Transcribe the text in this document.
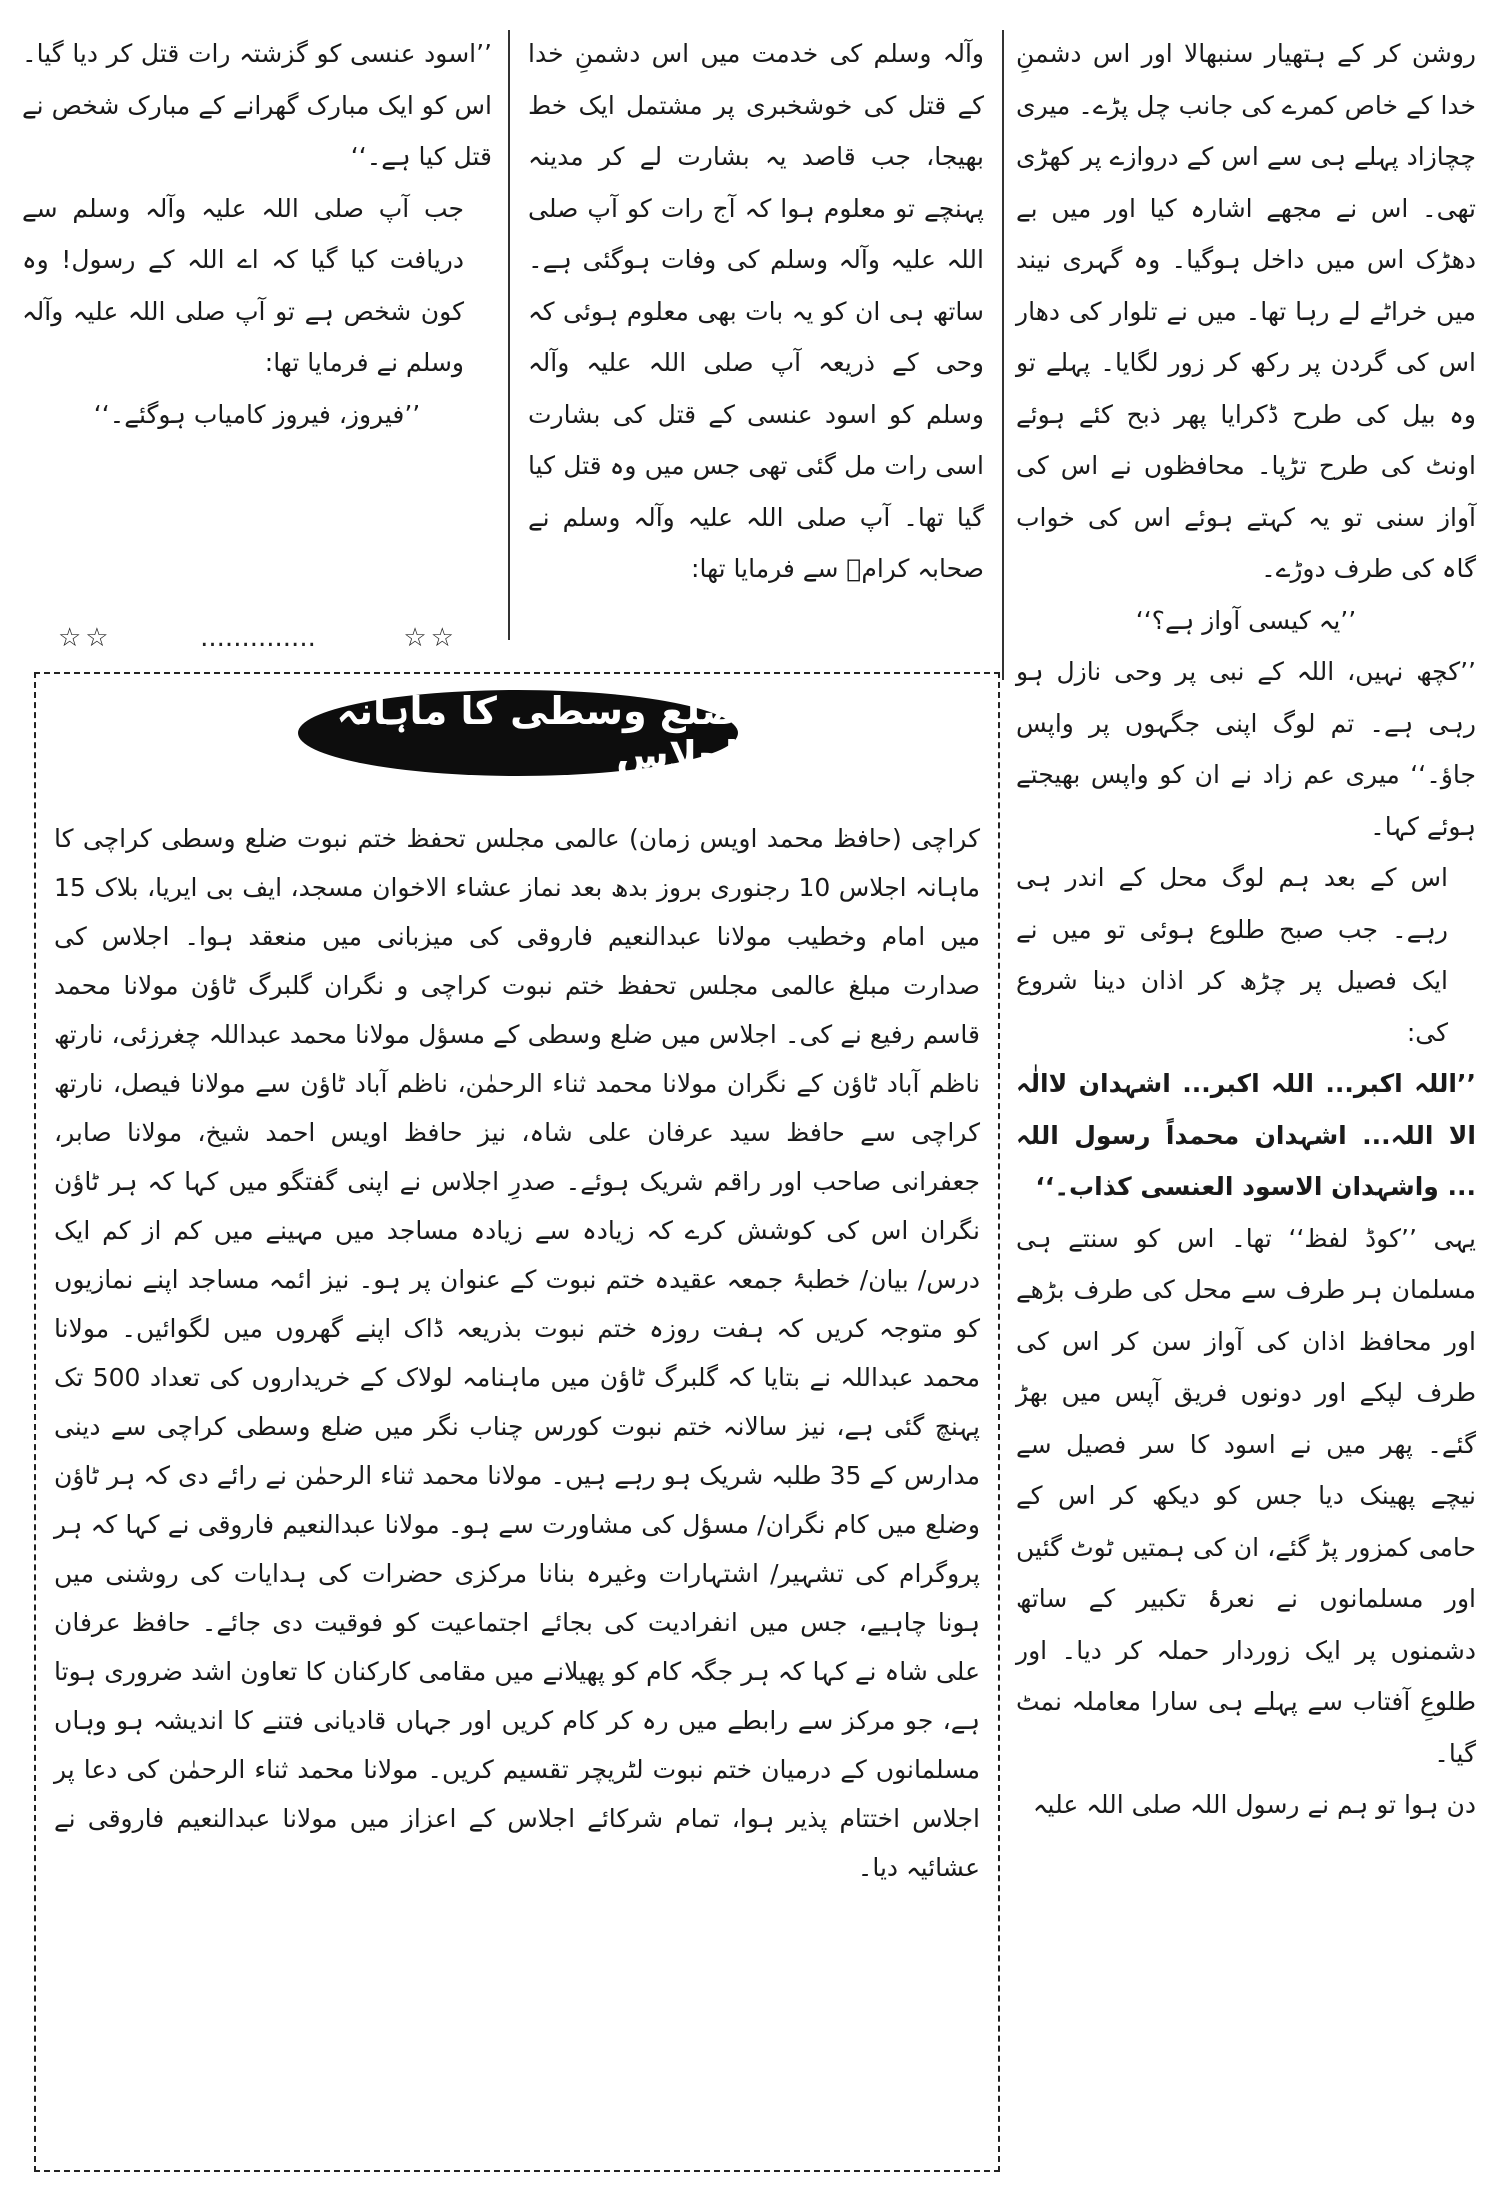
روشن کر کے ہتھیار سنبھالا اور اس دشمنِ خدا کے خاص کمرے کی جانب چل پڑے۔ میری چچازاد پہلے ہی سے اس کے دروازے پر کھڑی تھی۔ اس نے مجھے اشارہ کیا اور میں بے دھڑک اس میں داخل ہوگیا۔ وہ گہری نیند میں خراٹے لے رہا تھا۔ میں نے تلوار کی دھار اس کی گردن پر رکھ کر زور لگایا۔ پہلے تو وہ بیل کی طرح ڈکرایا پھر ذبح کئے ہوئے اونٹ کی طرح تڑپا۔ محافظوں نے اس کی آواز سنی تو یہ کہتے ہوئے اس کی خواب گاہ کی طرف دوڑے۔

’’یہ کیسی آواز ہے؟‘‘

’’کچھ نہیں، اللہ کے نبی پر وحی نازل ہو رہی ہے۔ تم لوگ اپنی جگہوں پر واپس جاؤ۔‘‘ میری عم زاد نے ان کو واپس بھیجتے ہوئے کہا۔

اس کے بعد ہم لوگ محل کے اندر ہی رہے۔ جب صبح طلوع ہوئی تو میں نے ایک فصیل پر چڑھ کر اذان دینا شروع کی:

’’اللہ اکبر... اللہ اکبر... اشہدان لاالٰہ الا اللہ... اشہدان محمداً رسول اللہ ... واشہدان الاسود العنسی کذاب۔‘‘

یہی ’’کوڈ لفظ‘‘ تھا۔ اس کو سنتے ہی مسلمان ہر طرف سے محل کی طرف بڑھے اور محافظ اذان کی آواز سن کر اس کی طرف لپکے اور دونوں فریق آپس میں بھڑ گئے۔ پھر میں نے اسود کا سر فصیل سے نیچے پھینک دیا جس کو دیکھ کر اس کے حامی کمزور پڑ گئے، ان کی ہمتیں ٹوٹ گئیں اور مسلمانوں نے نعرۂ تکبیر کے ساتھ دشمنوں پر ایک زوردار حملہ کر دیا۔ اور طلوعِ آفتاب سے پہلے ہی سارا معاملہ نمٹ گیا۔

دن ہوا تو ہم نے رسول اللہ صلی اللہ علیہ

وآلہ وسلم کی خدمت میں اس دشمنِ خدا کے قتل کی خوشخبری پر مشتمل ایک خط بھیجا، جب قاصد یہ بشارت لے کر مدینہ پہنچے تو معلوم ہوا کہ آج رات کو آپ صلی اللہ علیہ وآلہ وسلم کی وفات ہوگئی ہے۔ ساتھ ہی ان کو یہ بات بھی معلوم ہوئی کہ وحی کے ذریعہ آپ صلی اللہ علیہ وآلہ وسلم کو اسود عنسی کے قتل کی بشارت اسی رات مل گئی تھی جس میں وہ قتل کیا گیا تھا۔ آپ صلی اللہ علیہ وآلہ وسلم نے صحابہ کرامؓ سے فرمایا تھا:

’’اسود عنسی کو گزشتہ رات قتل کر دیا گیا۔ اس کو ایک مبارک گھرانے کے مبارک شخص نے قتل کیا ہے۔‘‘

جب آپ صلی اللہ علیہ وآلہ وسلم سے دریافت کیا گیا کہ اے اللہ کے رسول! وہ کون شخص ہے تو آپ صلی اللہ علیہ وآلہ وسلم نے فرمایا تھا:

’’فیروز، فیروز کامیاب ہوگئے۔‘‘

☆☆	..............	☆☆
ضلع وسطی کا ماہانہ اجلاس

کراچی (حافظ محمد اویس زمان) عالمی مجلس تحفظ ختم نبوت ضلع وسطی کراچی کا ماہانہ اجلاس 10 رجنوری بروز بدھ بعد نماز عشاء الاخوان مسجد، ایف بی ایریا، بلاک 15 میں امام وخطیب مولانا عبدالنعیم فاروقی کی میزبانی میں منعقد ہوا۔ اجلاس کی صدارت مبلغ عالمی مجلس تحفظ ختم نبوت کراچی و نگران گلبرگ ٹاؤن مولانا محمد قاسم رفیع نے کی۔ اجلاس میں ضلع وسطی کے مسؤل مولانا محمد عبداللہ چغرزئی، نارتھ ناظم آباد ٹاؤن کے نگران مولانا محمد ثناء الرحمٰن، ناظم آباد ٹاؤن سے مولانا فیصل، نارتھ کراچی سے حافظ سید عرفان علی شاہ، نیز حافظ اویس احمد شیخ، مولانا صابر، جعفرانی صاحب اور راقم شریک ہوئے۔ صدرِ اجلاس نے اپنی گفتگو میں کہا کہ ہر ٹاؤن نگران اس کی کوشش کرے کہ زیادہ سے زیادہ مساجد میں مہینے میں کم از کم ایک درس/ بیان/ خطبۂ جمعہ عقیدہ ختم نبوت کے عنوان پر ہو۔ نیز ائمہ مساجد اپنے نمازیوں کو متوجہ کریں کہ ہفت روزہ ختم نبوت بذریعہ ڈاک اپنے گھروں میں لگوائیں۔ مولانا محمد عبداللہ نے بتایا کہ گلبرگ ٹاؤن میں ماہنامہ لولاک کے خریداروں کی تعداد 500 تک پہنچ گئی ہے، نیز سالانہ ختم نبوت کورس چناب نگر میں ضلع وسطی کراچی سے دینی مدارس کے 35 طلبہ شریک ہو رہے ہیں۔ مولانا محمد ثناء الرحمٰن نے رائے دی کہ ہر ٹاؤن وضلع میں کام نگران/ مسؤل کی مشاورت سے ہو۔ مولانا عبدالنعیم فاروقی نے کہا کہ ہر پروگرام کی تشہیر/ اشتہارات وغیرہ بنانا مرکزی حضرات کی ہدایات کی روشنی میں ہونا چاہیے، جس میں انفرادیت کی بجائے اجتماعیت کو فوقیت دی جائے۔ حافظ عرفان علی شاہ نے کہا کہ ہر جگہ کام کو پھیلانے میں مقامی کارکنان کا تعاون اشد ضروری ہوتا ہے، جو مرکز سے رابطے میں رہ کر کام کریں اور جہاں قادیانی فتنے کا اندیشہ ہو وہاں مسلمانوں کے درمیان ختم نبوت لٹریچر تقسیم کریں۔ مولانا محمد ثناء الرحمٰن کی دعا پر اجلاس اختتام پذیر ہوا، تمام شرکائے اجلاس کے اعزاز میں مولانا عبدالنعیم فاروقی نے عشائیہ دیا۔
